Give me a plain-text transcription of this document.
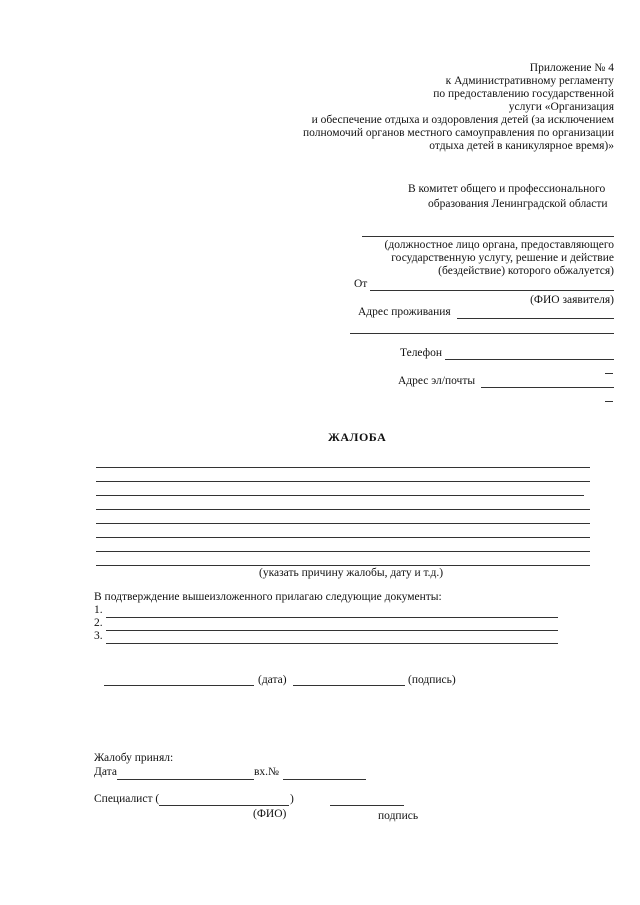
Приложение № 4
к Административному регламенту
по предоставлению государственной
услуги «Организация
и обеспечение отдыха и оздоровления детей (за исключением
полномочий органов местного самоуправления по организации
отдыха детей в каникулярное время)»
В комитет общего и профессионального
образования Ленинградской области
(должностное лицо органа, предоставляющего
государственную услугу, решение и действие
(бездействие) которого обжалуется)
От
(ФИО заявителя)
Адрес проживания
Телефон
Адрес эл/почты
ЖАЛОБА
(указать причину жалобы, дату и т.д.)
В подтверждение вышеизложенного прилагаю следующие документы:
1.
2.
3.
(дата)	(подпись)
Жалобу принял:
Дата	вх.№
Специалист (	)
(ФИО)	подпись
